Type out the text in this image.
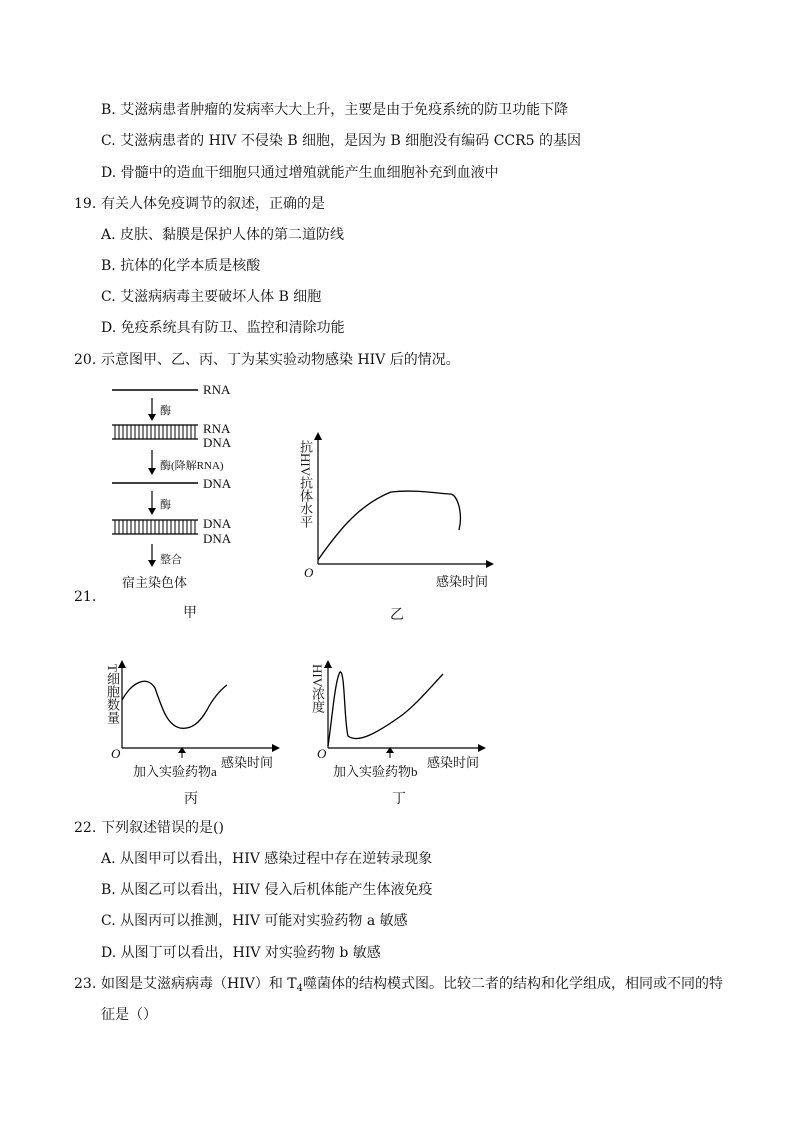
B. 艾滋病患者肿瘤的发病率大大上升，主要是由于免疫系统的防卫功能下降
C. 艾滋病患者的 HIV 不侵染 B 细胞，是因为 B 细胞没有编码 CCR5 的基因
D. 骨髓中的造血干细胞只通过增殖就能产生血细胞补充到血液中
19. 有关人体免疫调节的叙述，正确的是
A. 皮肤、黏膜是保护人体的第二道防线
B. 抗体的化学本质是核酸
C. 艾滋病病毒主要破坏人体 B 细胞
D. 免疫系统具有防卫、监控和清除功能
20. 示意图甲、乙、丙、丁为某实验动物感染 HIV 后的情况。
21.
RNA
酶
RNA
DNA
酶(降解RNA)
DNA
酶
DNA
DNA
整合
宿主染色体
甲
抗HIV抗体水平
O
感染时间
乙
T细胞数量
O
感染时间
加入实验药物a
丙
HIV浓度
O
感染时间
加入实验药物b
丁
22. 下列叙述错误的是()
A. 从图甲可以看出，HIV 感染过程中存在逆转录现象
B. 从图乙可以看出，HIV 侵入后机体能产生体液免疫
C. 从图丙可以推测，HIV 可能对实验药物 a 敏感
D. 从图丁可以看出，HIV 对实验药物 b 敏感
23. 如图是艾滋病病毒（HIV）和 $T_4$噬菌体的结构模式图。比较二者的结构和化学组成，相同或不同的特
征是（）
